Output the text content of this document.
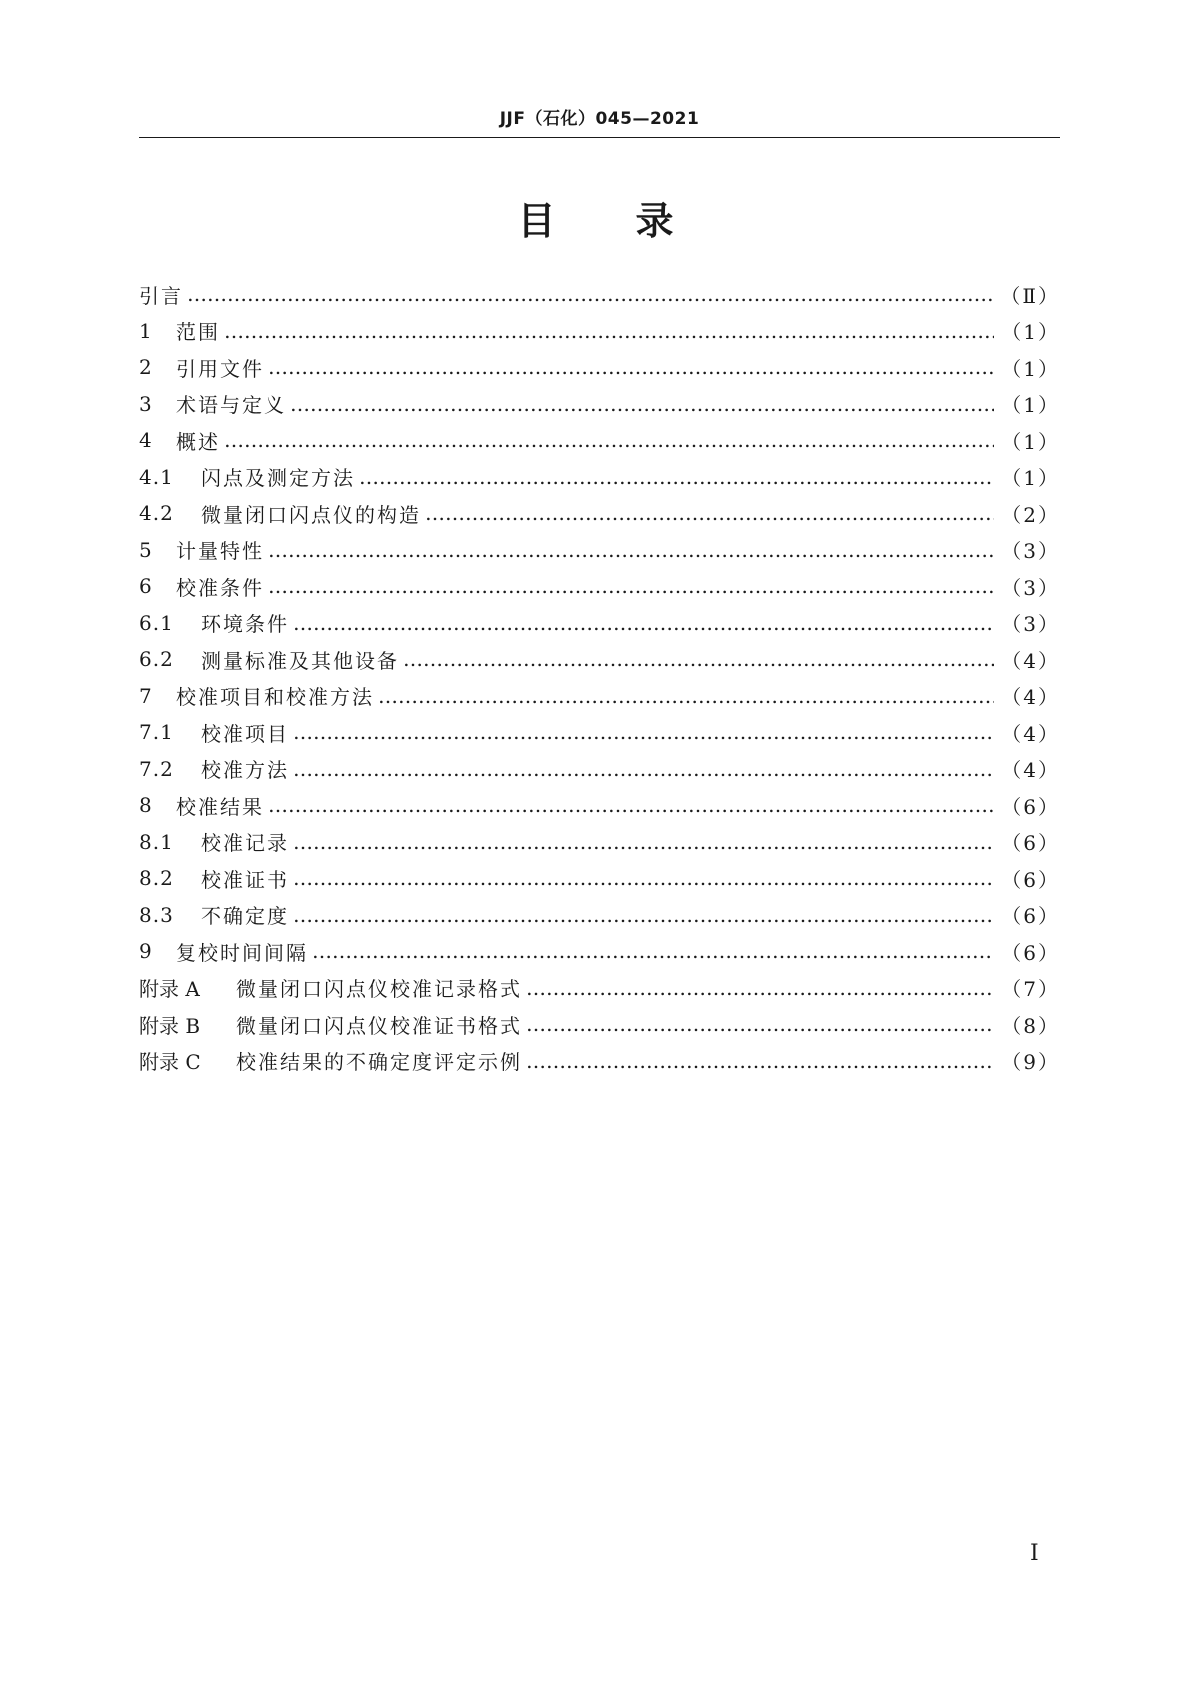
JJF（石化）045—2021
目录
引言 ………………………………………………………………………………………………………………………………………………………………………………	（Ⅱ）
1	范围 ………………………………………………………………………………………………………………………………………………………………………………	（1）
2	引用文件 ………………………………………………………………………………………………………………………………………………………………………………	（1）
3	术语与定义 ………………………………………………………………………………………………………………………………………………………………………………	（1）
4	概述 ………………………………………………………………………………………………………………………………………………………………………………	（1）
4.1	闪点及测定方法 ………………………………………………………………………………………………………………………………………………………………………………	（1）
4.2	微量闭口闪点仪的构造 ………………………………………………………………………………………………………………………………………………………………………………	（2）
5	计量特性 ………………………………………………………………………………………………………………………………………………………………………………	（3）
6	校准条件 ………………………………………………………………………………………………………………………………………………………………………………	（3）
6.1	环境条件 ………………………………………………………………………………………………………………………………………………………………………………	（3）
6.2	测量标准及其他设备 ………………………………………………………………………………………………………………………………………………………………………………	（4）
7	校准项目和校准方法 ………………………………………………………………………………………………………………………………………………………………………………	（4）
7.1	校准项目 ………………………………………………………………………………………………………………………………………………………………………………	（4）
7.2	校准方法 ………………………………………………………………………………………………………………………………………………………………………………	（4）
8	校准结果 ………………………………………………………………………………………………………………………………………………………………………………	（6）
8.1	校准记录 ………………………………………………………………………………………………………………………………………………………………………………	（6）
8.2	校准证书 ………………………………………………………………………………………………………………………………………………………………………………	（6）
8.3	不确定度 ………………………………………………………………………………………………………………………………………………………………………………	（6）
9	复校时间间隔 ………………………………………………………………………………………………………………………………………………………………………………	（6）
附录 A	微量闭口闪点仪校准记录格式 ………………………………………………………………………………………………………………………………………………………………………………	（7）
附录 B	微量闭口闪点仪校准证书格式 ………………………………………………………………………………………………………………………………………………………………………………	（8）
附录 C	校准结果的不确定度评定示例 ………………………………………………………………………………………………………………………………………………………………………………	（9）
Ⅰ
